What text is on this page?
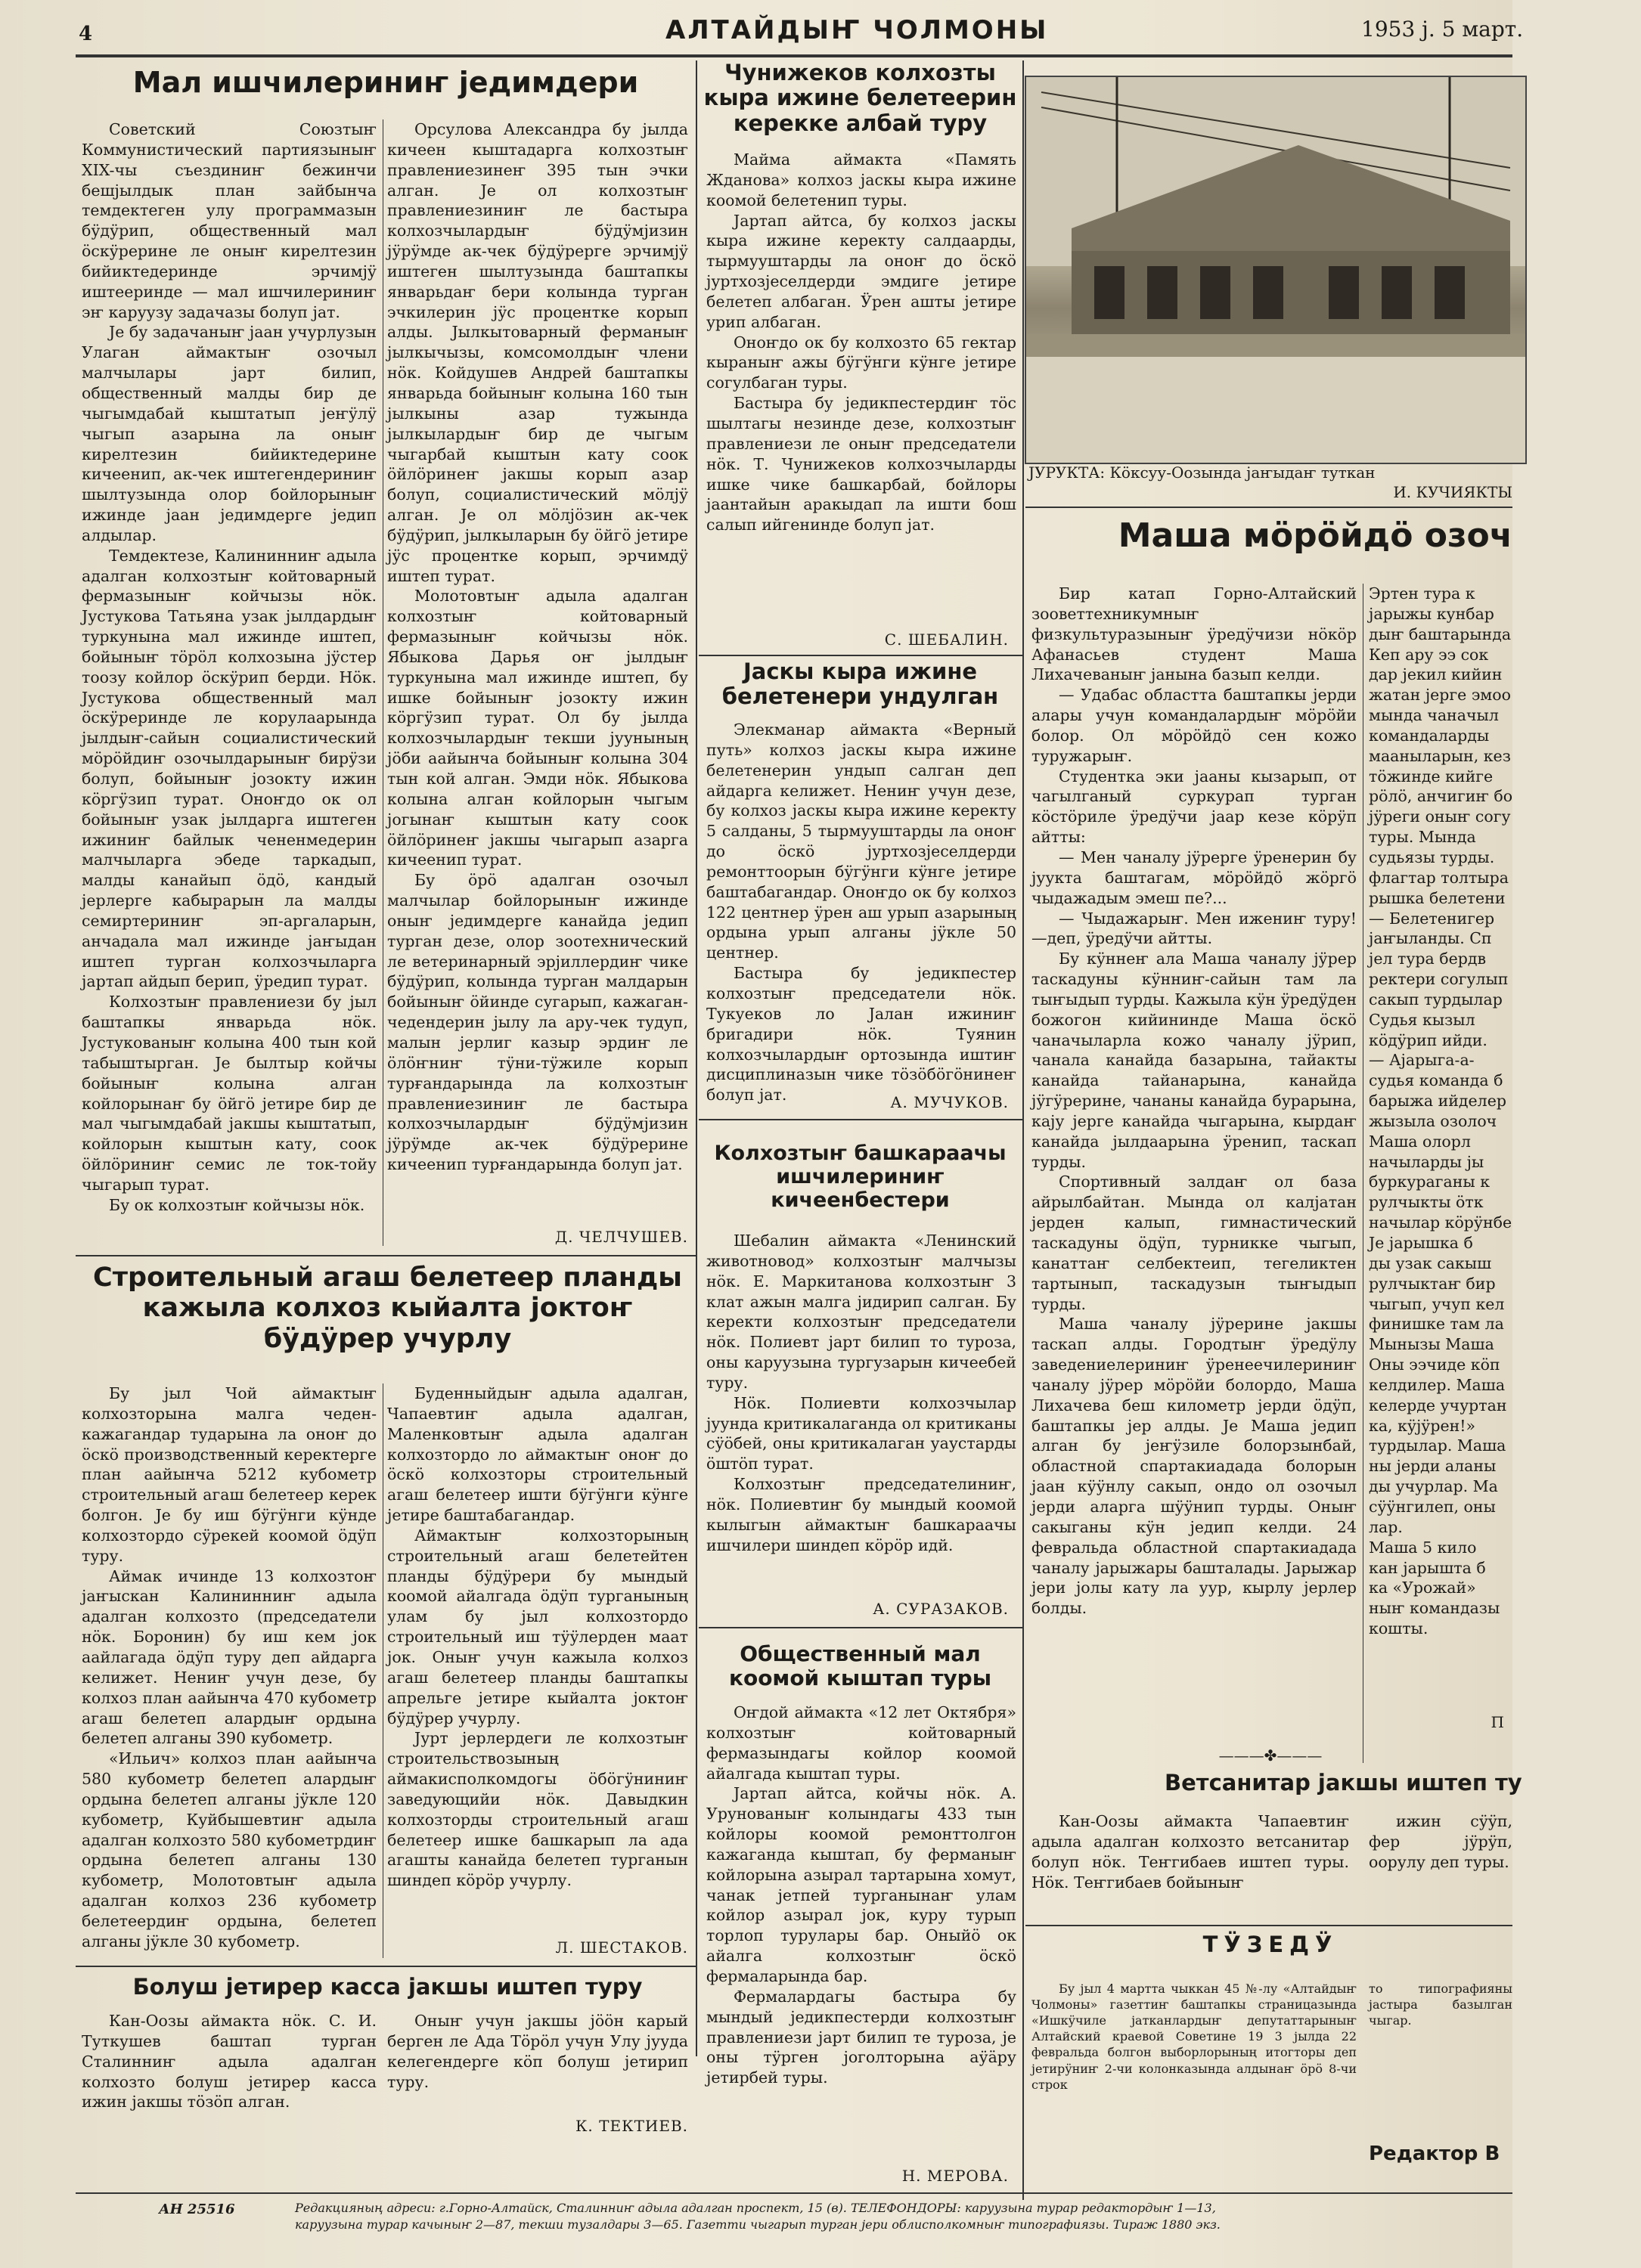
4	АЛТАЙДЫҤ ЧОЛМОНЫ	1953 ј. 5 март.
Мал ишчилериниҥ једимдери

Советский Союзтыҥ Коммунистический партиязыныҥ XIX-чы съездиниҥ бежинчи бешјылдык план зайбынча темдектеген улу программазын бӱдӱрип, общественный мал ӧскӱрерине ле оныҥ кирелтезин бийиктедеринде эрчимјӱ иштееринде — мал ишчилериниҥ эҥ каруузу задачазы болуп јат.

Је бу задачаныҥ јаан учурлузын Улаган аймактыҥ озочыл малчылары јарт билип, общественный малды бир де чыгымдабай кыштатып јеҥӱлӱ чыгып азарына ла оныҥ кирелтезин бийиктедерине кичеенип, ак-чек иштегендериниҥ шылтузында олор бойлорыныҥ ижинде јаан једимдерге једип алдылар.

Темдектезе, Калининниҥ адыла адалган колхозтыҥ койтоварный фермазыныҥ койчызы нӧк. Јустукова Татьяна узак јылдардыҥ туркунына мал ижинде иштеп, бойыныҥ тӧрӧл колхозына јӱстер тоозу койлор ӧскӱрип берди. Нӧк. Јустукова общественный мал ӧскӱреринде ле корулаарында јылдыҥ-сайын социалистический мӧрӧйдиҥ озочылдарыныҥ бирӱзи болуп, бойыныҥ јозокту ижин кӧргӱзип турат. Оноҥдо ок ол бойыныҥ узак јылдарга иштеген ижиниҥ байлык чененмедерин малчыларга эбеде таркадып, малды канайып ӧдӧ, кандый јерлерге кабырарын ла малды семиртериниҥ эп-аргаларын, анчадала мал ижинде јаҥыдан иштеп турган колхозчыларга јартап айдып берип, ӱредип турат.

Колхозтыҥ правлениези бу јыл баштапкы январьда нӧк. Јустукованыҥ колына 400 тын кой табыштырган. Је былтыр койчы бойыныҥ колына алган койлорынаҥ бу ӧйгӧ јетире бир де мал чыгымдабай јакшы кыштатып, койлорын кыштын кату, соок ӧйлӧриниҥ семис ле ток-тойу чыгарып турат.

Бу ок колхозтыҥ койчызы нӧк.

Орсулова Александра бу јылда кичеен кыштадарга колхозтыҥ правлениезинеҥ 395 тын эчки алган. Је ол колхозтыҥ правлениезиниҥ ле бастыра колхозчылардыҥ бӱдӱмјизин јӱрӱмде ак-чек бӱдӱрерге эрчимјӱ иштеген шылтузында баштапкы январьдаҥ бери колында турган эчкилерин јӱс процентке корып алды. Јылкытоварный ферманыҥ јылкычызы, комсомолдыҥ члени нӧк. Койдушев Андрей баштапкы январьда бойыныҥ колына 160 тын јылкыны азар тужында јылкылардыҥ бир де чыгым чыгарбай кыштын кату соок ӧйлӧринеҥ јакшы корып азар болуп, социалистический мӧлјӱ алган. Је ол мӧлјӧзин ак-чек бӱдӱрип, јылкыларын бу ӧйгӧ јетире јӱс процентке корып, эрчимдӱ иштеп турат.

Молотовтыҥ адыла адалган колхозтыҥ койтоварный фермазыныҥ койчызы нӧк. Ябыкова Дарья оҥ јылдыҥ туркунына мал ижинде иштеп, бу ишке бойыныҥ јозокту ижин кӧргӱзип турат. Ол бу јылда колхозчылардыҥ текши јуунының јӧби аайынча бойыныҥ колына 304 тын кой алган. Эмди нӧк. Ябыкова колына алган койлорын чыгым јогынаҥ кыштын кату соок ӧйлӧринеҥ јакшы чыгарып азарга кичеенип турат.

Бу ӧрӧ адалган озочыл малчылар бойлорыныҥ ижинде оныҥ једимдерге канайда једип турган дезе, олор зоотехнический ле ветеринарный эрјиллердиҥ чике бӱдӱрип, колында турган малдарын бойыныҥ ӧйинде сугарып, кажаган-чедендерин јылу ла ару-чек тудуп, малын јерлиг казыр эрдиҥ ле ӧлӧҥниҥ тӱни-тӱжиле корып турғандарында ла колхозтыҥ правлениезиниҥ ле бастыра колхозчылардыҥ бӱдӱмјизин јӱрӱмде ак-чек бӱдӱрерине кичеенип турғандарында болуп јат.

Д. ЧЕЛЧУШЕВ.
Строительный агаш белетеер планды кажыла колхоз кыйалта јоктоҥ бӱдӱрер учурлу

Бу јыл Чой аймактыҥ колхозторына малга чеден-кажагандар тударына ла оноҥ до ӧскӧ производственный керектерге план аайынча 5212 кубометр строительный агаш белетеер керек болгон. Је бу иш бӱгӱнги кӱнде колхозтордо сӱрекей коомой ӧдӱп туру.

Аймак ичинде 13 колхозтоҥ јаҥыскан Калининниҥ адыла адалган колхозто (председатели нӧк. Боронин) бу иш кем јок аайлагада ӧдӱп туру деп айдарга келижет. Нениҥ учун дезе, бу колхоз план аайынча 470 кубометр агаш белетеп алардыҥ ордына белетеп алганы 390 кубометр.

«Ильич» колхоз план аайынча 580 кубометр белетеп алардыҥ ордына белетеп алганы јӱкле 120 кубометр, Куйбышевтиҥ адыла адалган колхозто 580 кубометрдиҥ ордына белетеп алганы 130 кубометр, Молотовтыҥ адыла адалган колхоз 236 кубометр белетеердиҥ ордына, белетеп алганы јӱкле 30 кубометр.

Буденныйдыҥ адыла адалган, Чапаевтиҥ адыла адалган, Маленковтыҥ адыла адалган колхозтордо ло аймактыҥ оноҥ до ӧскӧ колхозторы строительный агаш белетеер ишти бӱгӱнги кӱнге јетире баштабагандар.

Аймактыҥ колхозторының строительный агаш белетейтен планды бӱдӱрери бу мындый коомой айалгада ӧдӱп турганының улам бу јыл колхозтордо строительный иш тӱӱлерден маат јок. Оныҥ учун кажыла колхоз агаш белетеер планды баштапкы апрельге јетире кыйалта јоктоҥ бӱдӱрер учурлу.

Јурт јерлердеги ле колхозтыҥ строительствозының аймакисполкомдогы ӧбӧгӱниниҥ заведующийи нӧк. Давыдкин колхозторды строительный агаш белетеер ишке башкарып ла ада агашты канайда белетеп турганын шиндеп кӧрӧр учурлу.

Л. ШЕСТАКОВ.
Болуш јетирер касса јакшы иштеп туру

Кан-Оозы аймакта нӧк. С. И. Туткушев баштап турган Сталинниҥ адыла адалган колхозто болуш јетирер касса ижин јакшы тӧзӧп алган.

Оныҥ учун јакшы јӧӧн карый берген ле Ада Тӧрӧл учун Улу јууда келегендерге кӧп болуш јетирип туру.

К. ТЕКТИЕВ.
Чунижеков колхозты кыра ижине белетеерин керекке албай туру

Майма аймакта «Память Жданова» колхоз јаскы кыра ижине коомой белетенип туры.

Јартап айтса, бу колхоз јаскы кыра ижине керекту салдаарды, тырмууштарды ла оноҥ до ӧскӧ јуртхозјеселдерди эмдиге јетире белетеп албаган. Ӱрен ашты јетире урип албаган.

Оноҥдо ок бу колхозто 65 гектар кыраныҥ ажы бӱгӱнги кӱнге јетире согулбаган туры.

Бастыра бу једикпестердиҥ тӧс шылтагы незинде дезе, колхозтыҥ правлениези ле оныҥ председатели нӧк. Т. Чунижеков колхозчыларды ишке чике башкарбай, бойлоры јаантайын аракыдап ла ишти бош салып ийгенинде болуп јат.

С. ШЕБАЛИН.
Јаскы кыра ижине белетенери ундулган

Элекманар аймакта «Верный путь» колхоз јаскы кыра ижине белетенерин ундып салган деп айдарга келижет. Нениҥ учун дезе, бу колхоз јаскы кыра ижине керекту 5 салданы, 5 тырмууштарды ла оноҥ до ӧскӧ јуртхозјеселдерди ремонттоорын бӱгӱнги кӱнге јетире баштабагандар. Оноҥдо ок бу колхоз 122 центнер ӱрен аш урып азарының ордына урып алганы јӱкле 50 центнер.

Бастыра бу једикпестер колхозтыҥ председатели нӧк. Тукуеков ло Јалан ижиниҥ бригадири нӧк. Туянин колхозчылардыҥ ортозында иштиҥ дисциплиназын чике тӧзӧбӧгӧнинеҥ болуп јат.	А. МУЧУКОВ.
Колхозтыҥ башкараачы ишчилериниҥ кичеенбестери

Шебалин аймакта «Ленинский животновод» колхозтыҥ малчызы нӧк. Е. Маркитанова колхозтыҥ 3 клат ажын малга јидирип салган. Бу керекти колхозтыҥ председатели нӧк. Полиевт јарт билип то туроза, оны каруузына тургузарын кичеебей туру.

Нӧк. Полиевти колхозчылар јуунда критикалаганда ол критиканы сӱӧбей, оны критикалаган уаустарды ӧштӧп турат.

Колхозтыҥ председателиниҥ, нӧк. Полиевтиҥ бу мындый коомой кылыгын аймактыҥ башкараачы ишчилери шиндеп кӧрӧр идй.

А. СУРАЗАКОВ.
Общественный мал коомой кыштап туры

Оҥдой аймакта «12 лет Октября» колхозтыҥ койтоварный фермазындагы койлор коомой айалгада кыштап туры.

Јартап айтса, койчы нӧк. А. Урунованыҥ колындагы 433 тын койлоры коомой ремонттолгон кажаганда кыштап, бу ферманыҥ койлорына азырал тартарына хомут, чанак јетпей турганынаҥ улам койлор азырал јок, куру турып торлоп турулары бар. Оныйӧ ок айалга колхозтыҥ ӧскӧ фермаларында бар.

Фермалардагы бастыра бу мындый једикпестерди колхозтыҥ правлениези јарт билип те туроза, је оны тӱрген јоголторына аӱӓру јетирбей туры.

Н. МЕРОВА.
ЈУРУКТА: Кӧксуу-Оозында јаҥыдаҥ туткан
И. КУЧИЯКТЫ
Маша мӧрӧйдӧ озоч

Бир катап Горно-Алтайский зооветтехникумныҥ физкультуразыныҥ ӱредӱчизи нӧкӧр Афанасьев студент Маша Лихачеваныҥ јанына базып келди.

— Удабас областта баштапкы јерди алары учун командалардыҥ мӧрӧйи болор. Ол мӧрӧйдӧ сен кожо туружарыҥ.

Студентка эки јааны кызарып, от чагылганый суркурап турган кӧстӧриле ӱредӱчи јаар кезе кӧрӱп айтты:

— Мен чаналу јӱрерге ӱренерин бу јуукта баштагам, мӧрӧйдӧ жӧргӧ чыдажадым эмеш пе?...

— Чыдажарыҥ. Мен ижениҥ туру!—деп, ӱредӱчи айтты.

Бу кӱннеҥ ала Маша чаналу јӱрер таскадуны кӱнниҥ-сайын там ла тыҥыдып турды. Кажыла кӱн ӱредӱден божогон кийининде Маша ӧскӧ чаначыларла кожо чаналу јӱрип, чанала канайда базарына, тайакты канайда тайанарына, канайда јӱгӱрерине, чананы канайда бурарына, кају јерге канайда чыгарына, кырдаҥ канайда јылдаарына ӱренип, таскап турды.

Спортивный залдаҥ ол база айрылбайтан. Мында ол калјатан јерден калып, гимнастический таскадуны ӧдӱп, турникке чыгып, канаттаҥ селбектеип, тегеликтен тартынып, таскадузын тыҥыдып турды.

Маша чаналу јӱрерине јакшы таскап алды. Городтыҥ ӱредӱлу заведениелериниҥ ӱренеечилериниҥ чаналу јӱрер мӧрӧйи болордо, Маша Лихачева беш километр јерди ӧдӱп, баштапкы јер алды. Је Маша једип алган бу јеҥӱзиле болорзынбай, областной спартакиадада болорын јаан кӱӱнлу сакып, ондо ол озочыл јерди аларга шӱӱнип турды. Оныҥ сакыганы кӱн једип келди. 24 февральда областной спартакиадада чаналу јарыжары башталады. Јарыжар јери јолы кату ла уур, кырлу јерлер болды.

Эртен тура к
јарыжы кунбар
дыҥ баштарында
Кеп ару ээ сок
дар јекил кийин
жатан јерге эмоо
мында чаначыл
командаларды
мааныларын, кез
тӧжинде кийге
рӧлӧ, анчигиҥ бо
јӱреги оныҥ согу
туры. Мында
судьязы турды.
флагтар толтыра
рышка белетени
— Белетенигер
јаҥыланды. Сп
јел тура бердв
ректери согулып
сакып турдылар
Судья кызыл
кӧдӱрип ийди.
— Ајарыга-а-
судья команда б
барыжа ийделер
жызыла озолоч
Маша олорл
начыларды јы
буркураганы к
рулчыкты ӧтк
начылар кӧрӱнбе
Је јарышка б
ды узак сакыш
рулчыктаҥ бир
чыгып, учуп кел
финишке там ла
Мынызы Маша
Оны ээчиде кӧп
келдилер. Маша
келерде учуртан
ка, кӱјӱрен!»
турдылар. Маша
ны јерди аланы
ды учурлар. Ма
сӱӱнгилеп, оны
лар.
Маша 5 кило
кан јарышта б
ка «Урожай»
ныҥ командазы
кошты.
П
———✤———
Ветсанитар јакшы иштеп ту

Кан-Оозы аймакта Чапаевтиҥ адыла адалган колхозто ветсанитар болуп нӧк. Теҥгибаев иштеп туры. Нӧк. Теҥгибаев бойыныҥ

ижин сӱӱп, фер јӱрӱп, оорулу деп туры.

ТӰЗЕДӰ

Бу јыл 4 мартта чыккан 45 №-лу «Алтайдыҥ Чолмоны» газеттиҥ баштапкы страницазында «Ишкӱчиле јатканлардыҥ депутаттарыныҥ Алтайский краевой Советине 19 3 јылда 22 февральда болгон выборлорының итогторы деп јетирӱниҥ 2-чи колонказында алдынаҥ ӧрӧ 8-чи строк

то типографияны јастыра базылган чыгар.

Редактор В
АН 25516	Редакцияның адреси: г.Горно-Алтайск, Сталинниҥ адыла адалган проспект, 15 (в). ТЕЛЕФОНДОРЫ: каруузына турар редактордыҥ 1—13,
каруузына турар качыныҥ 2—87, текши тузалдары 3—65. Газетти чыгарып турган јери облисполкомныҥ типографиязы. Тираж 1880 экз.
